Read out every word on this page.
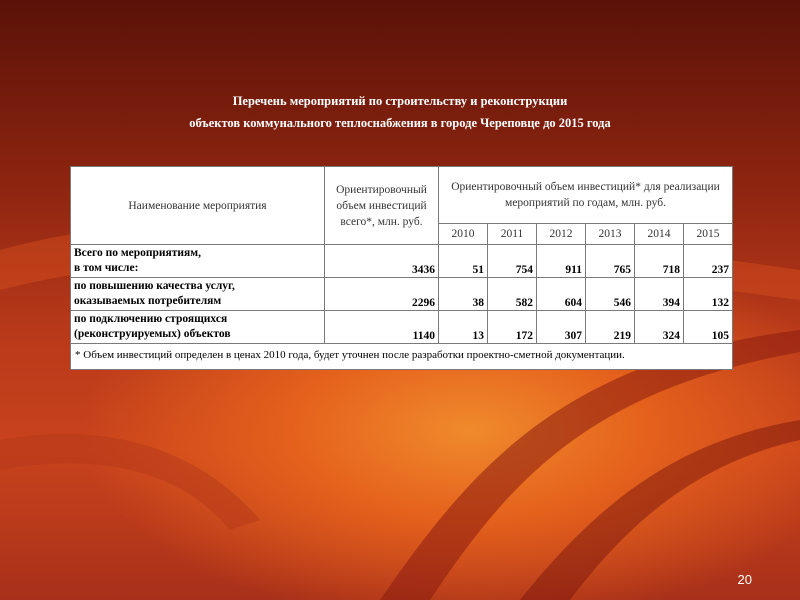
Перечень мероприятий по строительству и реконструкции
объектов коммунального теплоснабжения в городе Череповце до 2015 года
Наименование мероприятия	Ориентировочный объем инвестиций всего*, млн. руб.	Ориентировочный объем инвестиций* для реализации мероприятий по годам, млн. руб.					
		2010	2011	2012	2013	2014	2015

Всего по мероприятиям,
в том числе:	3436	51	754	911	765	718	237

по повышению качества услуг,
оказываемых потребителям	2296	38	582	604	546	394	132

по подключению строящихся
(реконструируемых) объектов	1140	13	172	307	219	324	105
* Объем инвестиций определен в ценах 2010 года, будет уточнен после разработки проектно-сметной документации.							
20
